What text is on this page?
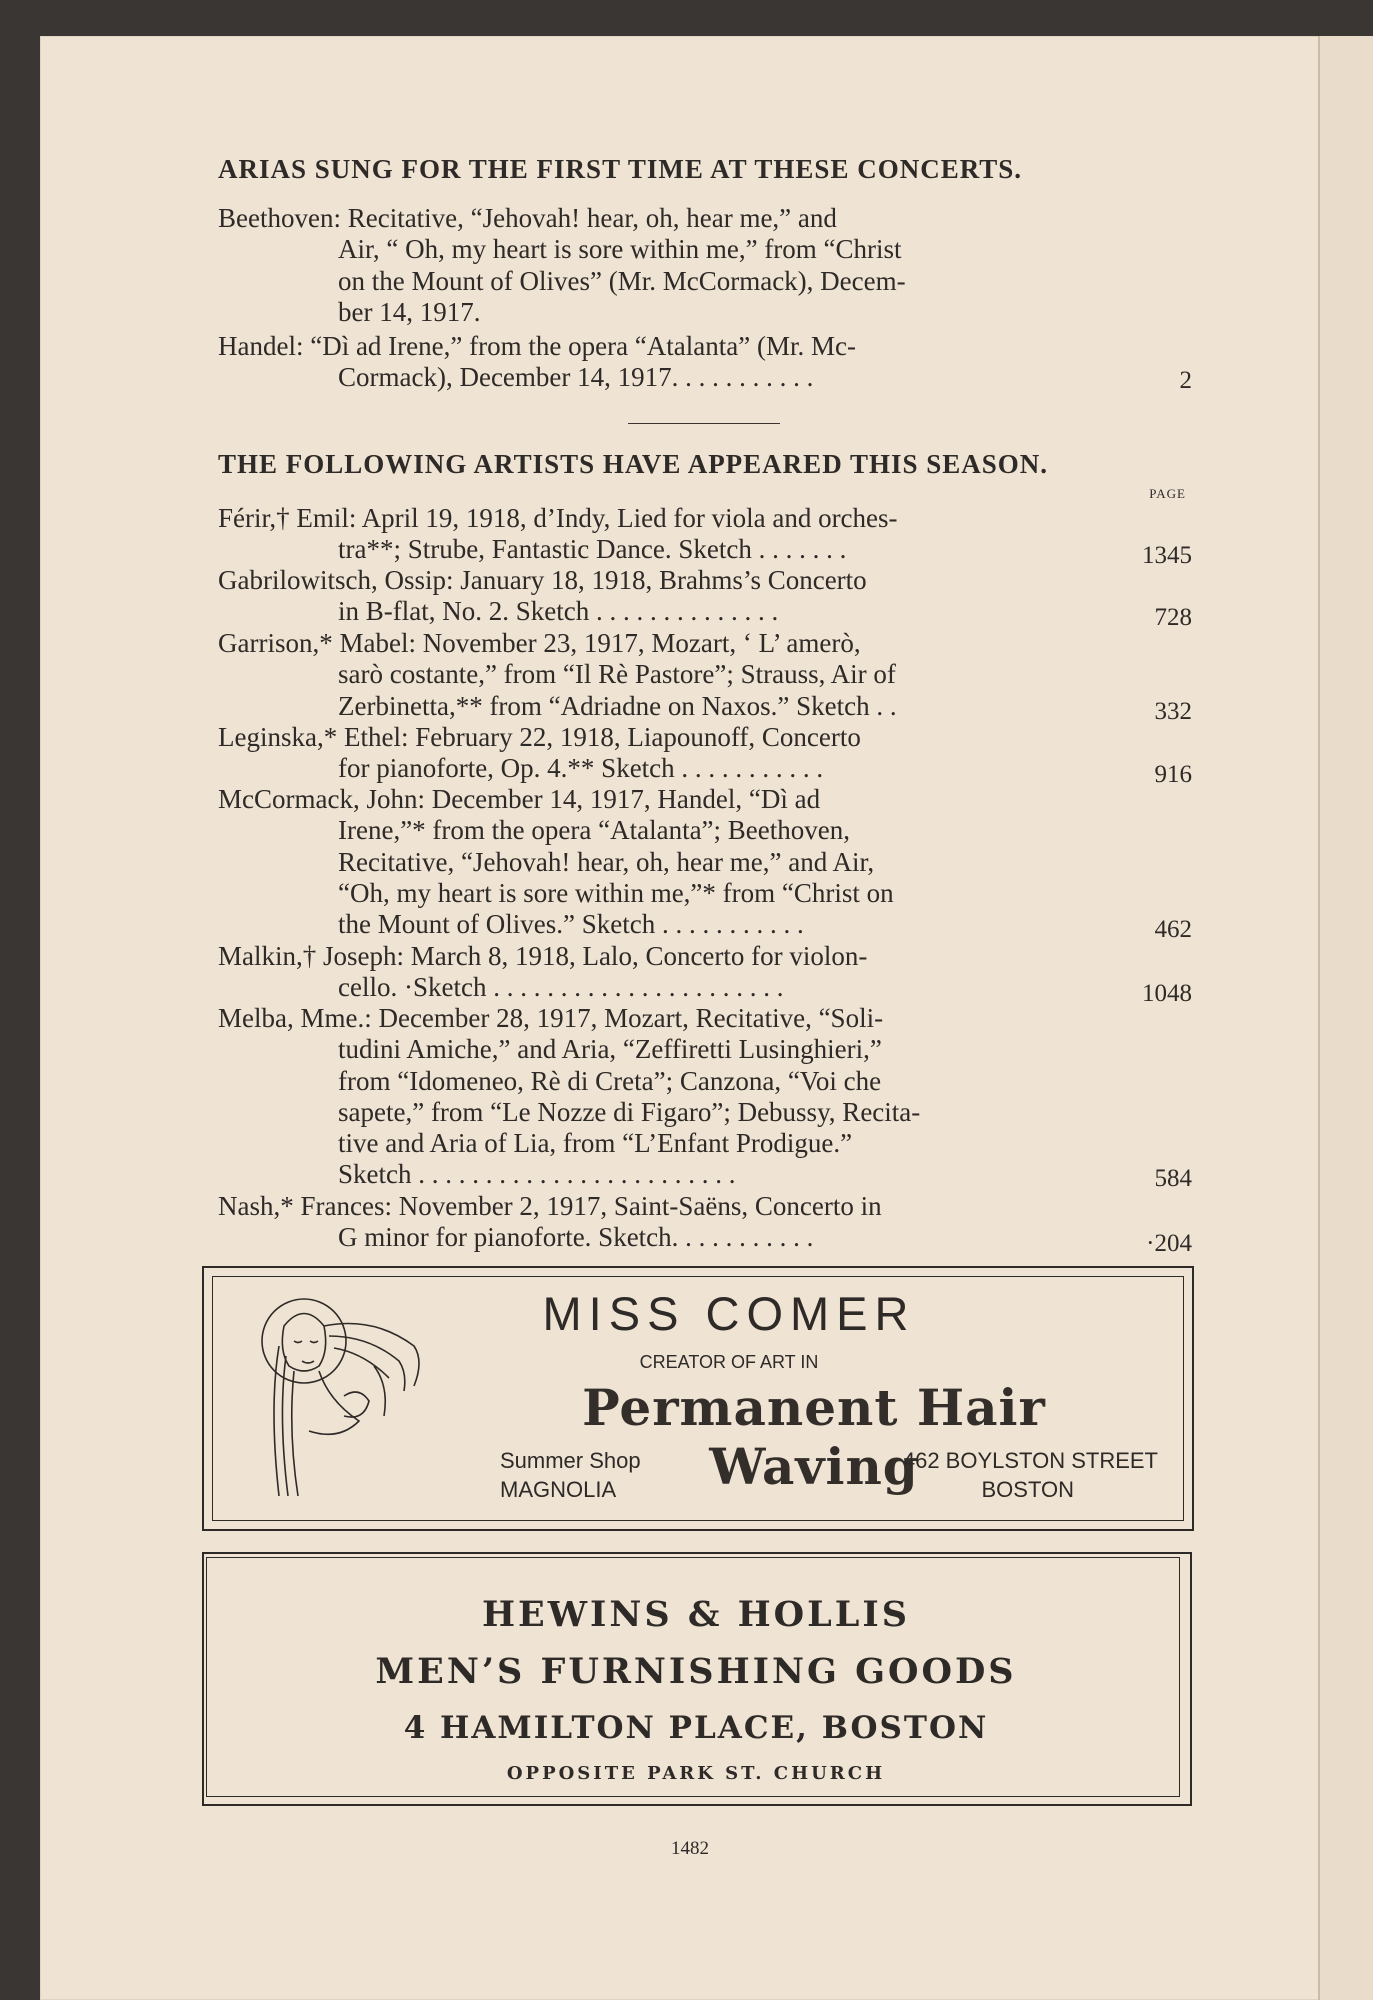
ARIAS SUNG FOR THE FIRST TIME AT THESE CONCERTS.
Beethoven: Recitative, “Jehovah! hear, oh, hear me,” and
Air, “ Oh, my heart is sore within me,” from “Christ
on the Mount of Olives” (Mr. McCormack), Decem-
ber 14, 1917.
Handel: “Dì ad Irene,” from the opera “Atalanta” (Mr. Mc-
Cormack), December 14, 1917. . . . . . . . . . .	2
THE FOLLOWING ARTISTS HAVE APPEARED THIS SEASON.
PAGE
Férir,† Emil: April 19, 1918, d’Indy, Lied for viola and orches-
tra**; Strube, Fantastic Dance. Sketch . . . . . . .	1345
Gabrilowitsch, Ossip: January 18, 1918, Brahms’s Concerto
in B-flat, No. 2. Sketch . . . . . . . . . . . . . .	728
Garrison,* Mabel: November 23, 1917, Mozart, ‘ L’ amerò,
sarò costante,” from “Il Rè Pastore”; Strauss, Air of
Zerbinetta,** from “Adriadne on Naxos.” Sketch . .	332
Leginska,* Ethel: February 22, 1918, Liapounoff, Concerto
for pianoforte, Op. 4.** Sketch . . . . . . . . . . .	916
McCormack, John: December 14, 1917, Handel, “Dì ad
Irene,”* from the opera “Atalanta”; Beethoven,
Recitative, “Jehovah! hear, oh, hear me,” and Air,
“Oh, my heart is sore within me,”* from “Christ on
the Mount of Olives.” Sketch . . . . . . . . . . .	462
Malkin,† Joseph: March 8, 1918, Lalo, Concerto for violon-
cello. ·Sketch . . . . . . . . . . . . . . . . . . . . . .	1048
Melba, Mme.: December 28, 1917, Mozart, Recitative, “Soli-
tudini Amiche,” and Aria, “Zeffiretti Lusinghieri,”
from “Idomeneo, Rè di Creta”; Canzona, “Voi che
sapete,” from “Le Nozze di Figaro”; Debussy, Recita-
tive and Aria of Lia, from “L’Enfant Prodigue.”
Sketch . . . . . . . . . . . . . . . . . . . . . . . .	584
Nash,* Frances: November 2, 1917, Saint-Saëns, Concerto in
G minor for pianoforte. Sketch. . . . . . . . . . .	·204
MISS COMER
CREATOR OF ART IN
Permanent Hair Waving
Summer Shop
MAGNOLIA
462 BOYLSTON STREET
BOSTON
HEWINS & HOLLIS
MEN’S FURNISHING GOODS
4 HAMILTON PLACE, BOSTON
OPPOSITE PARK ST. CHURCH
1482
